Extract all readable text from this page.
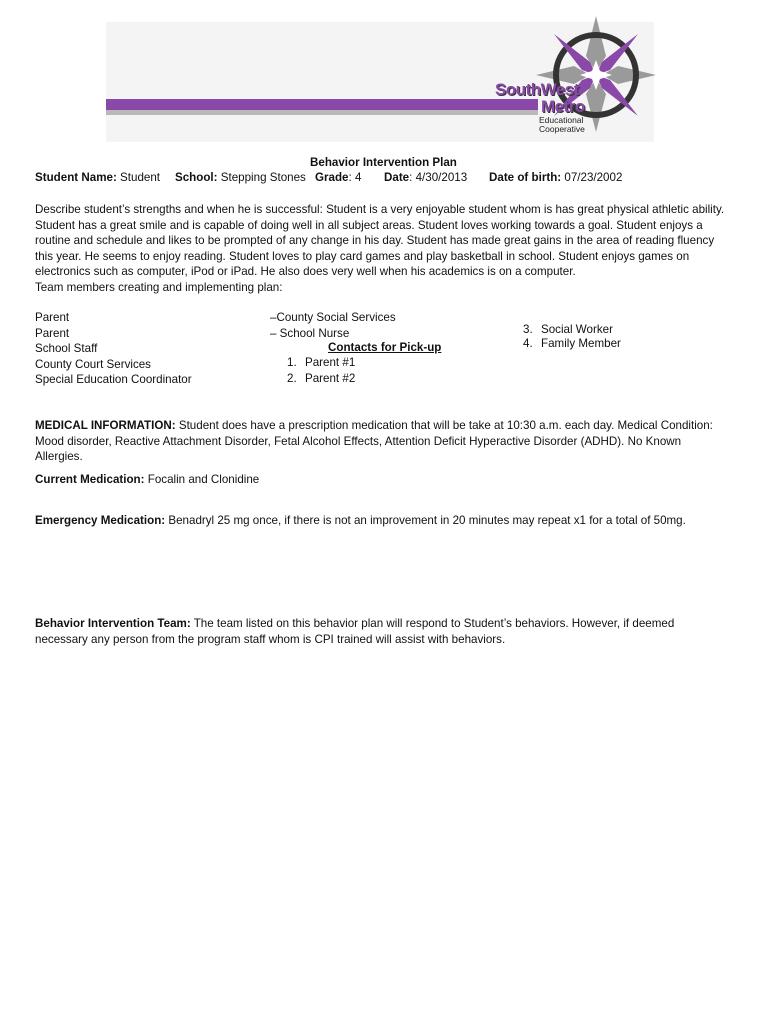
SouthWest
Metro
Educational
Cooperative
Behavior Intervention Plan
Student Name: Student School: Stepping Stones Grade: 4 Date: 4/30/2013 Date of birth: 07/23/2002
Describe student’s strengths and when he is successful: Student is a very enjoyable student whom is has great physical athletic ability.
Student has a great smile and is capable of doing well in all subject areas. Student loves working towards a goal. Student enjoys a
routine and schedule and likes to be prompted of any change in his day. Student has made great gains in the area of reading fluency
this year. He seems to enjoy reading. Student loves to play card games and play basketball in school. Student enjoys games on
electronics such as computer, iPod or iPad. He also does very well when his academics is on a computer.
Team members creating and implementing plan:
Parent
Parent
School Staff
County Court Services
Special Education Coordinator
–County Social Services
– School Nurse
Contacts for Pick-up
1. Parent #1
2. Parent #2
3. Social Worker
4. Family Member
MEDICAL INFORMATION: Student does have a prescription medication that will be take at 10:30 a.m. each day. Medical Condition:
Mood disorder, Reactive Attachment Disorder, Fetal Alcohol Effects, Attention Deficit Hyperactive Disorder (ADHD). No Known
Allergies.
Current Medication: Focalin and Clonidine
Emergency Medication: Benadryl 25 mg once, if there is not an improvement in 20 minutes may repeat x1 for a total of 50mg.
Behavior Intervention Team: The team listed on this behavior plan will respond to Student’s behaviors. However, if deemed
necessary any person from the program staff whom is CPI trained will assist with behaviors.
